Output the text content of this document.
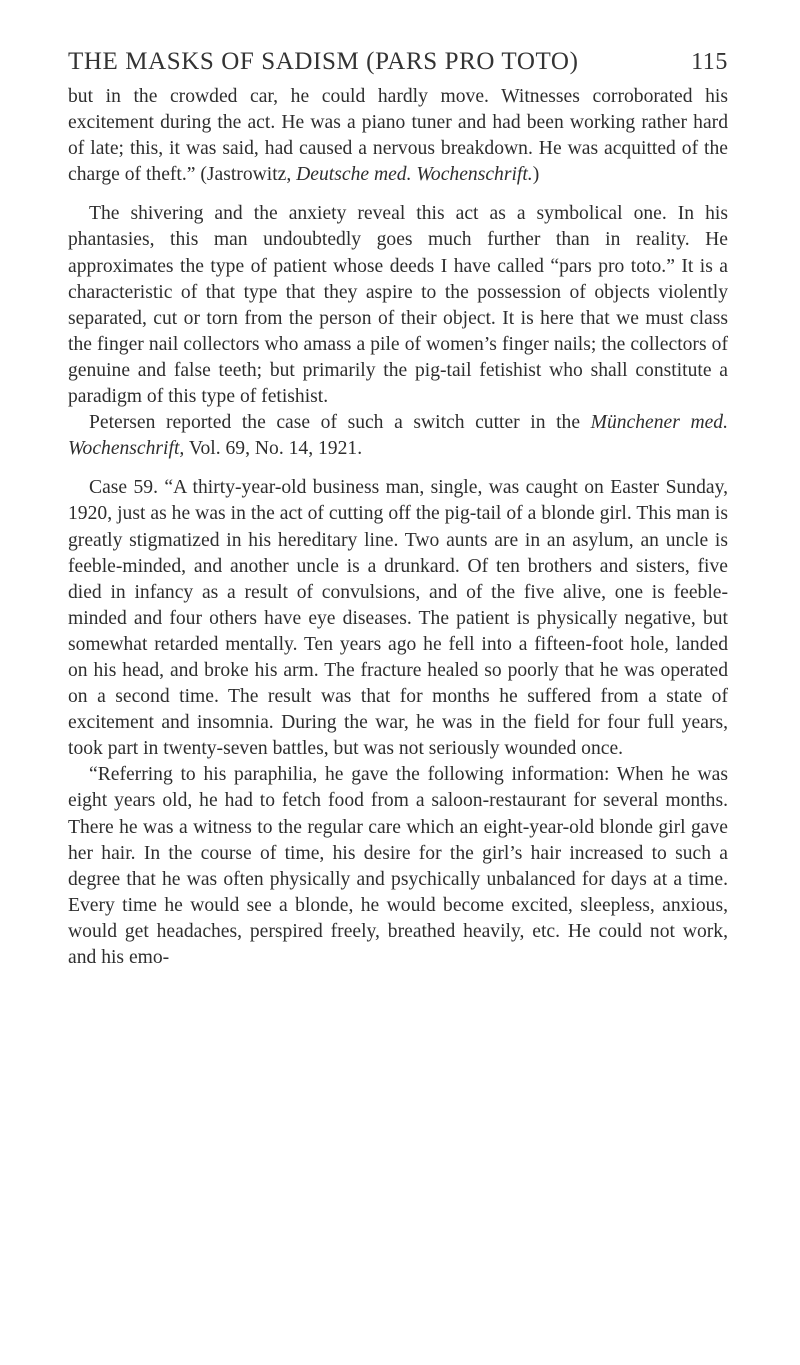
THE MASKS OF SADISM (PARS PRO TOTO)	115

but in the crowded car, he could hardly move. Witnesses corroborated his excitement during the act. He was a piano tuner and had been working rather hard of late; this, it was said, had caused a nervous breakdown. He was acquitted of the charge of theft.” (Jastrowitz, Deutsche med. Wochenschrift.)

The shivering and the anxiety reveal this act as a symbolical one. In his phantasies, this man undoubtedly goes much further than in reality. He approximates the type of patient whose deeds I have called “pars pro toto.” It is a characteristic of that type that they aspire to the possession of objects violently separated, cut or torn from the person of their object. It is here that we must class the finger nail collectors who amass a pile of women’s finger nails; the collectors of genuine and false teeth; but primarily the pig-tail fetishist who shall constitute a paradigm of this type of fetishist.

Petersen reported the case of such a switch cutter in the Münchener med. Wochenschrift, Vol. 69, No. 14, 1921.

Case 59. “A thirty-year-old business man, single, was caught on Easter Sunday, 1920, just as he was in the act of cutting off the pig-tail of a blonde girl. This man is greatly stigmatized in his hereditary line. Two aunts are in an asylum, an uncle is feeble-minded, and another uncle is a drunkard. Of ten brothers and sisters, five died in infancy as a result of convulsions, and of the five alive, one is feeble-minded and four others have eye diseases. The patient is physically negative, but somewhat retarded mentally. Ten years ago he fell into a fifteen-foot hole, landed on his head, and broke his arm. The fracture healed so poorly that he was operated on a second time. The result was that for months he suffered from a state of excitement and insomnia. During the war, he was in the field for four full years, took part in twenty-seven battles, but was not seriously wounded once.

“Referring to his paraphilia, he gave the following information: When he was eight years old, he had to fetch food from a saloon-restaurant for several months. There he was a witness to the regular care which an eight-year-old blonde girl gave her hair. In the course of time, his desire for the girl’s hair increased to such a degree that he was often physically and psychically unbalanced for days at a time. Every time he would see a blonde, he would become excited, sleepless, anxious, would get headaches, perspired freely, breathed heavily, etc. He could not work, and his emo-
